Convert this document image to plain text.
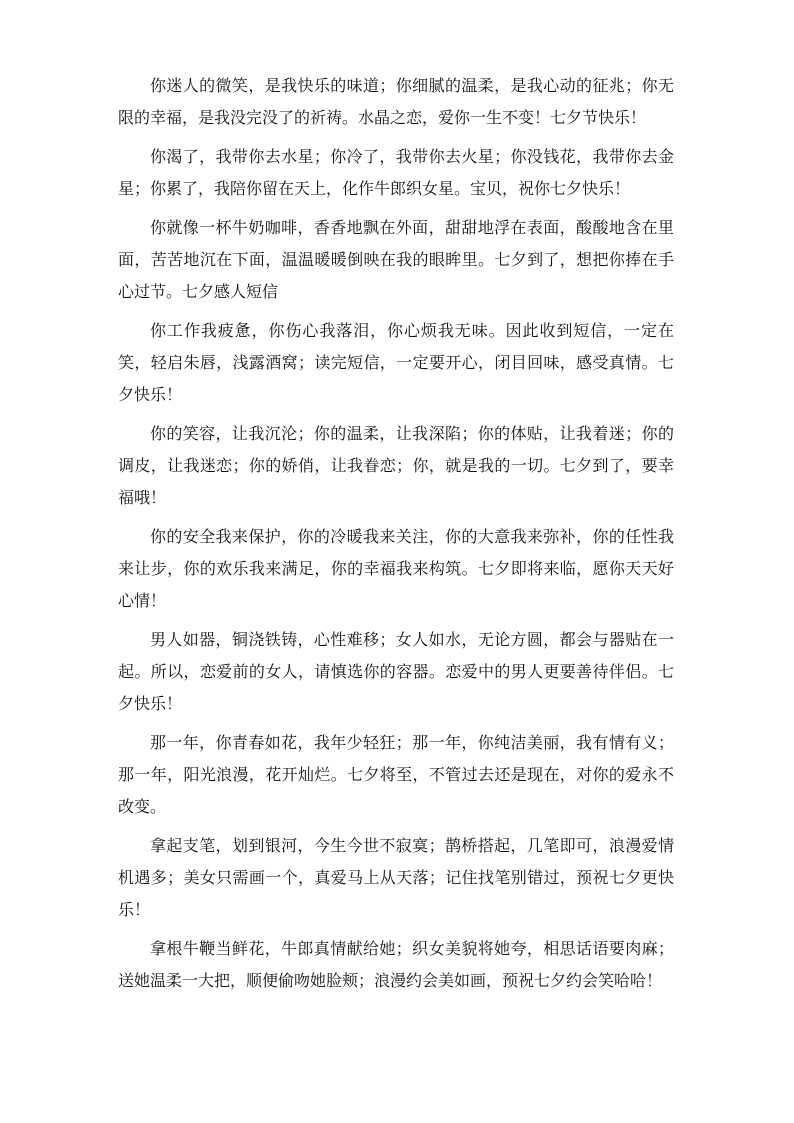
你迷人的微笑，是我快乐的味道；你细腻的温柔，是我心动的征兆；你无限的幸福，是我没完没了的祈祷。水晶之恋，爱你一生不变！七夕节快乐！

你渴了，我带你去水星；你冷了，我带你去火星；你没钱花，我带你去金星；你累了，我陪你留在天上，化作牛郎织女星。宝贝，祝你七夕快乐！

你就像一杯牛奶咖啡，香香地飘在外面，甜甜地浮在表面，酸酸地含在里面，苦苦地沉在下面，温温暖暖倒映在我的眼眸里。七夕到了，想把你捧在手心过节。七夕感人短信

你工作我疲惫，你伤心我落泪，你心烦我无味。因此收到短信，一定在笑，轻启朱唇，浅露酒窝；读完短信，一定要开心，闭目回味，感受真情。七夕快乐！

你的笑容，让我沉沦；你的温柔，让我深陷；你的体贴，让我着迷；你的调皮，让我迷恋；你的娇俏，让我眷恋；你，就是我的一切。七夕到了，要幸福哦！

你的安全我来保护，你的冷暖我来关注，你的大意我来弥补，你的任性我来让步，你的欢乐我来满足，你的幸福我来构筑。七夕即将来临，愿你天天好心情！

男人如器，铜浇铁铸，心性难移；女人如水，无论方圆，都会与器贴在一起。所以，恋爱前的女人，请慎选你的容器。恋爱中的男人更要善待伴侣。七夕快乐！

那一年，你青春如花，我年少轻狂；那一年，你纯洁美丽，我有情有义；那一年，阳光浪漫，花开灿烂。七夕将至，不管过去还是现在，对你的爱永不改变。

拿起支笔，划到银河，今生今世不寂寞；鹊桥搭起，几笔即可，浪漫爱情机遇多；美女只需画一个，真爱马上从天落；记住找笔别错过，预祝七夕更快乐！

拿根牛鞭当鲜花，牛郎真情献给她；织女美貌将她夸，相思话语要肉麻；送她温柔一大把，顺便偷吻她脸颊；浪漫约会美如画，预祝七夕约会笑哈哈！
